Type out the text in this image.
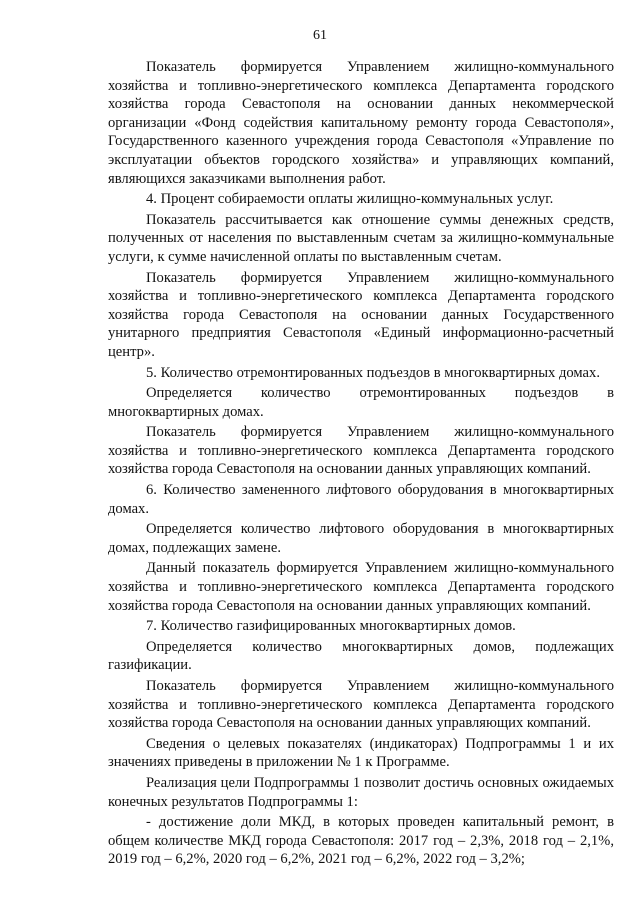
61

Показатель формируется Управлением жилищно-коммунального хозяйства и топливно-энергетического комплекса Департамента городского хозяйства города Севастополя на основании данных некоммерческой организации «Фонд содействия капитальному ремонту города Севастополя», Государственного казенного учреждения города Севастополя «Управление по эксплуатации объектов городского хозяйства» и управляющих компаний, являющихся заказчиками выполнения работ.

4. Процент собираемости оплаты жилищно-коммунальных услуг.

Показатель рассчитывается как отношение суммы денежных средств, полученных от населения по выставленным счетам за жилищно-коммунальные услуги, к сумме начисленной оплаты по выставленным счетам.

Показатель формируется Управлением жилищно-коммунального хозяйства и топливно-энергетического комплекса Департамента городского хозяйства города Севастополя на основании данных Государственного унитарного предприятия Севастополя «Единый информационно-расчетный центр».

5. Количество отремонтированных подъездов в многоквартирных домах.

Определяется количество отремонтированных подъездов в многоквартирных домах.

Показатель формируется Управлением жилищно-коммунального хозяйства и топливно-энергетического комплекса Департамента городского хозяйства города Севастополя на основании данных управляющих компаний.

6. Количество замененного лифтового оборудования в многоквартирных домах.

Определяется количество лифтового оборудования в многоквартирных домах, подлежащих замене.

Данный показатель формируется Управлением жилищно-коммунального хозяйства и топливно-энергетического комплекса Департамента городского хозяйства города Севастополя на основании данных управляющих компаний.

7. Количество газифицированных многоквартирных домов.

Определяется количество многоквартирных домов, подлежащих газификации.

Показатель формируется Управлением жилищно-коммунального хозяйства и топливно-энергетического комплекса Департамента городского хозяйства города Севастополя на основании данных управляющих компаний.

Сведения о целевых показателях (индикаторах) Подпрограммы 1 и их значениях приведены в приложении № 1 к Программе.

Реализация цели Подпрограммы 1 позволит достичь основных ожидаемых конечных результатов Подпрограммы 1:

- достижение доли МКД, в которых проведен капитальный ремонт, в общем количестве МКД города Севастополя: 2017 год – 2,3%, 2018 год – 2,1%, 2019 год – 6,2%, 2020 год – 6,2%, 2021 год – 6,2%, 2022 год – 3,2%;
